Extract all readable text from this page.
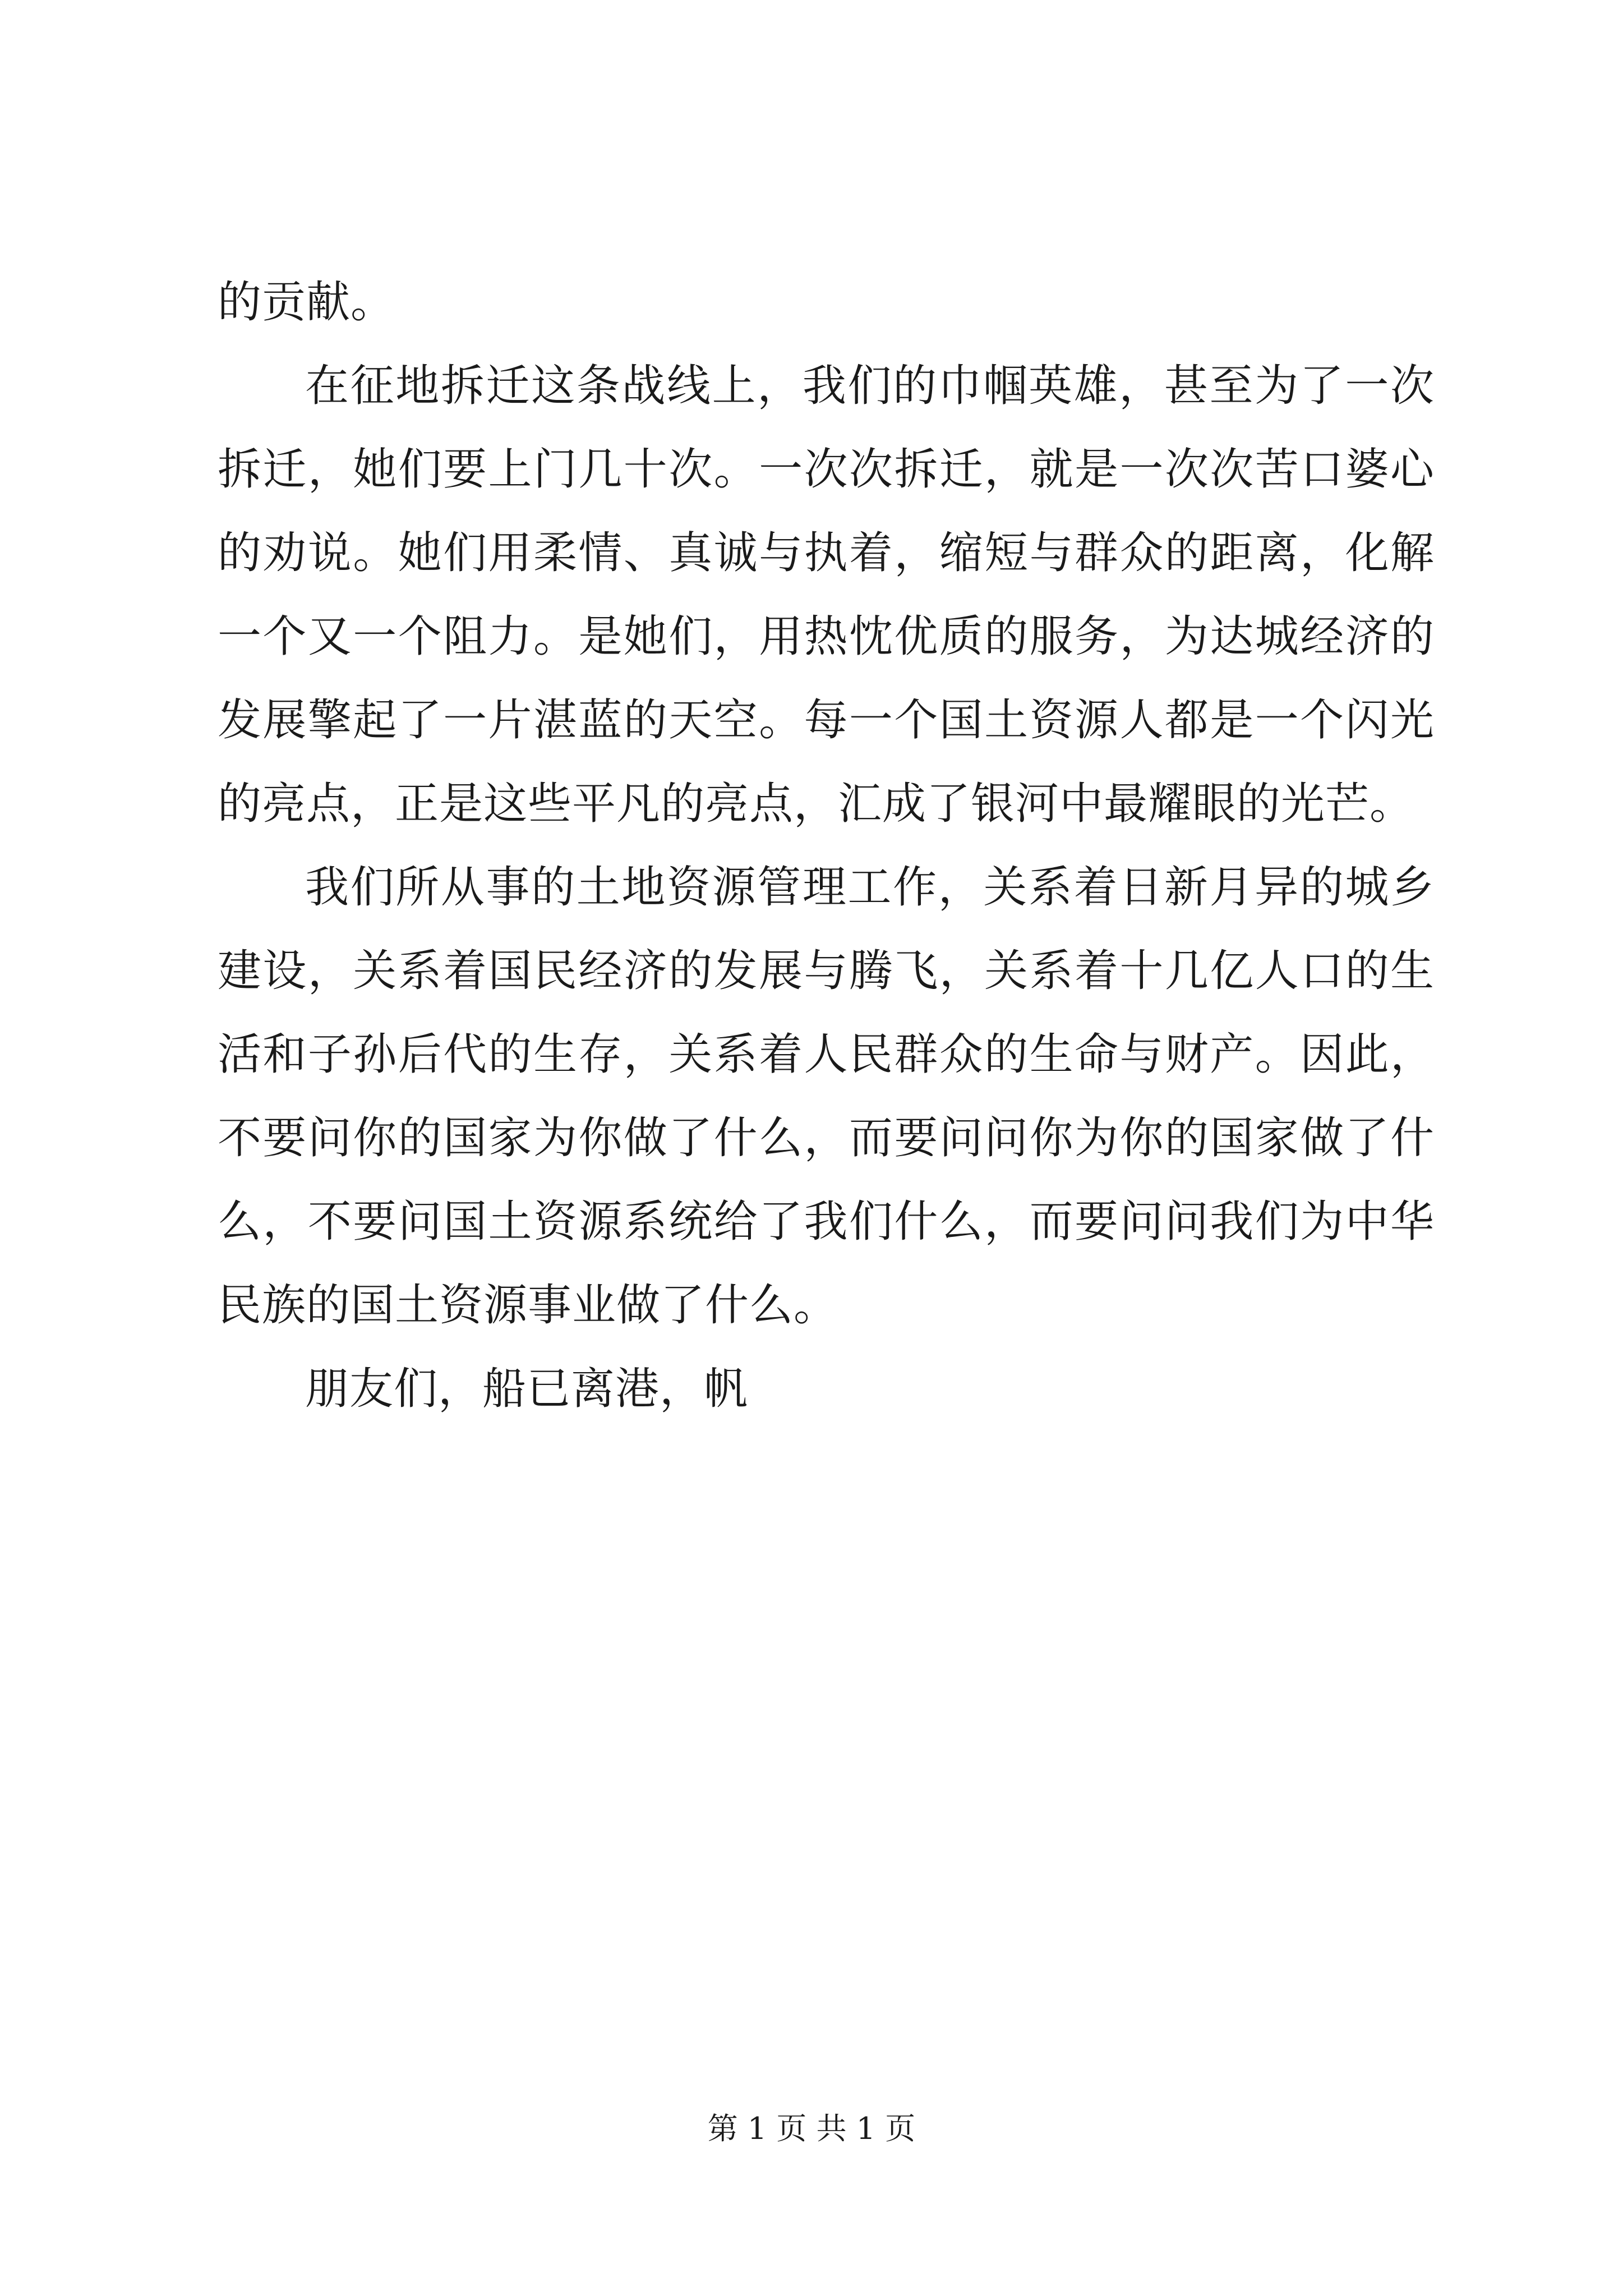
的贡献。

在征地拆迁这条战线上，我们的巾帼英雄，甚至为了一次拆迁，她们要上门几十次。一次次拆迁，就是一次次苦口婆心的劝说。她们用柔情、真诚与执着，缩短与群众的距离，化解一个又一个阻力。是她们，用热忱优质的服务，为达城经济的发展擎起了一片湛蓝的天空。每一个国土资源人都是一个闪光的亮点，正是这些平凡的亮点，汇成了银河中最耀眼的光芒。

我们所从事的土地资源管理工作，关系着日新月异的城乡建设，关系着国民经济的发展与腾飞，关系着十几亿人口的生活和子孙后代的生存，关系着人民群众的生命与财产。因此，不要问你的国家为你做了什么，而要问问你为你的国家做了什么，不要问国土资源系统给了我们什么，而要问问我们为中华民族的国土资源事业做了什么。

朋友们，船已离港，帆

第 1 页 共 1 页
